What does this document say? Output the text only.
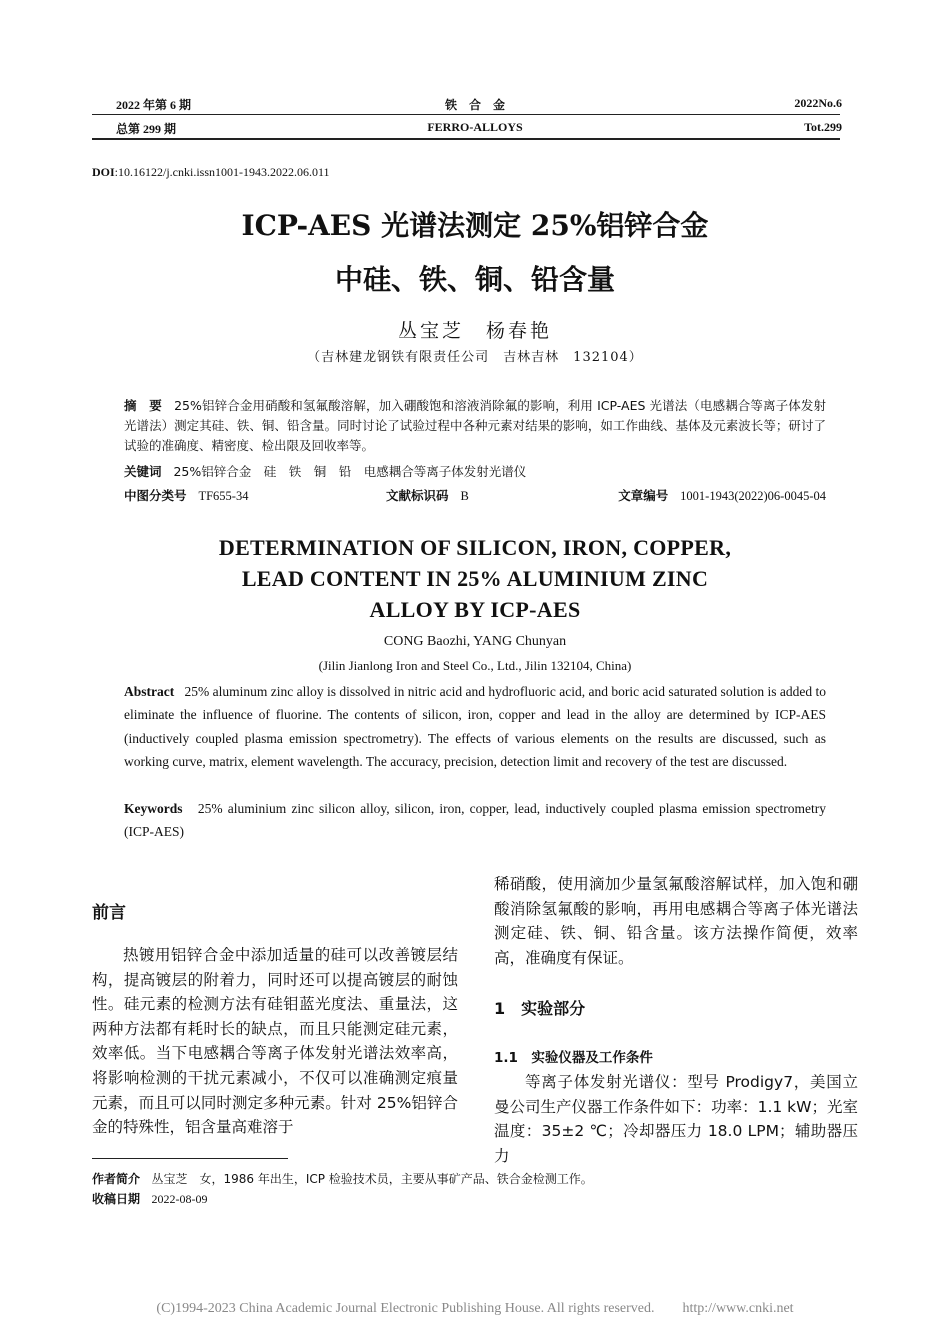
2022 年第 6 期
总第 299 期
铁　合　金
FERRO-ALLOYS
2022No.6
Tot.299
DOI:10.16122/j.cnki.issn1001-1943.2022.06.011
ICP-AES 光谱法测定 25%铝锌合金
中硅、铁、铜、铅含量
丛宝芝　杨春艳
（吉林建龙钢铁有限责任公司　吉林吉林　132104）
摘　要 25%铝锌合金用硝酸和氢氟酸溶解，加入硼酸饱和溶液消除氟的影响，利用 ICP-AES 光谱法（电感耦合等离子体发射光谱法）测定其硅、铁、铜、铅含量。同时讨论了试验过程中各种元素对结果的影响，如工作曲线、基体及元素波长等；研讨了试验的准确度、精密度、检出限及回收率等。
关键词 25%铝锌合金　硅　铁　铜　铅　电感耦合等离子体发射光谱仪
中图分类号 TF655-34	文献标识码 B	文章编号 1001-1943(2022)06-0045-04
DETERMINATION OF SILICON, IRON, COPPER,
LEAD CONTENT IN 25% ALUMINIUM ZINC
ALLOY BY ICP-AES
CONG Baozhi, YANG Chunyan
(Jilin Jianlong Iron and Steel Co., Ltd., Jilin 132104, China)
Abstract 25% aluminum zinc alloy is dissolved in nitric acid and hydrofluoric acid, and boric acid saturated solution is added to eliminate the influence of fluorine. The contents of silicon, iron, copper and lead in the alloy are determined by ICP-AES (inductively coupled plasma emission spectrometry). The effects of various elements on the results are discussed, such as working curve, matrix, element wavelength. The accuracy, precision, detection limit and recovery of the test are discussed.
Keywords 25% aluminium zinc silicon alloy, silicon, iron, copper, lead, inductively coupled plasma emission spectrometry (ICP-AES)
前言
热镀用铝锌合金中添加适量的硅可以改善镀层结构，提高镀层的附着力，同时还可以提高镀层的耐蚀性。硅元素的检测方法有硅钼蓝光度法、重量法，这两种方法都有耗时长的缺点，而且只能测定硅元素，效率低。当下电感耦合等离子体发射光谱法效率高，将影响检测的干扰元素减小，不仅可以准确测定痕量元素，而且可以同时测定多种元素。针对 25%铝锌合金的特殊性，铝含量高难溶于
稀硝酸，使用滴加少量氢氟酸溶解试样，加入饱和硼酸消除氢氟酸的影响，再用电感耦合等离子体光谱法测定硅、铁、铜、铅含量。该方法操作简便，效率高，准确度有保证。
1　实验部分
1.1　实验仪器及工作条件
等离子体发射光谱仪：型号 Prodigy7，美国立曼公司生产仪器工作条件如下：功率：1.1 kW；光室温度：35±2 ℃；冷却器压力 18.0 LPM；辅助器压力
作者简介 丛宝芝　女，1986 年出生，ICP 检验技术员，主要从事矿产品、铁合金检测工作。
收稿日期 2022-08-09
(C)1994-2023 China Academic Journal Electronic Publishing House. All rights reserved.　　http://www.cnki.net
